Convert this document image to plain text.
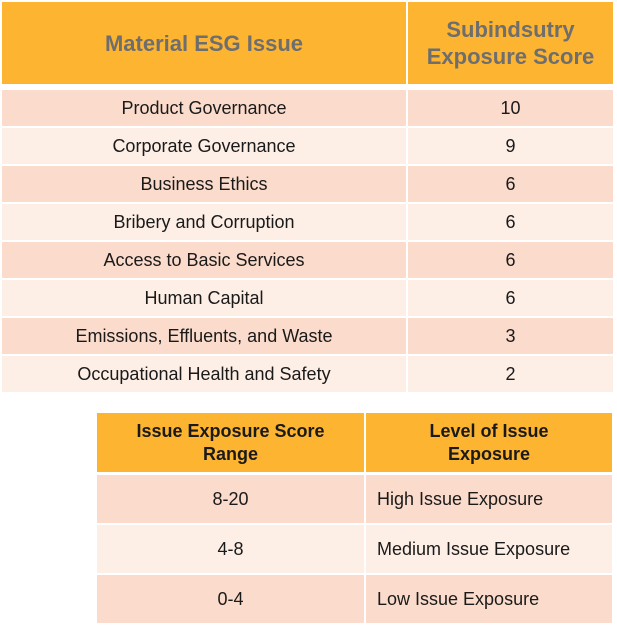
Material ESG Issue	Subindsutry Exposure Score

Product Governance	10
Corporate Governance	9
Business Ethics	6
Bribery and Corruption	6
Access to Basic Services	6
Human Capital	6
Emissions, Effluents, and Waste	3
Occupational Health and Safety	2
Issue Exposure Score Range	Level of Issue Exposure
8-20	High Issue Exposure
4-8	Medium Issue Exposure
0-4	Low Issue Exposure
